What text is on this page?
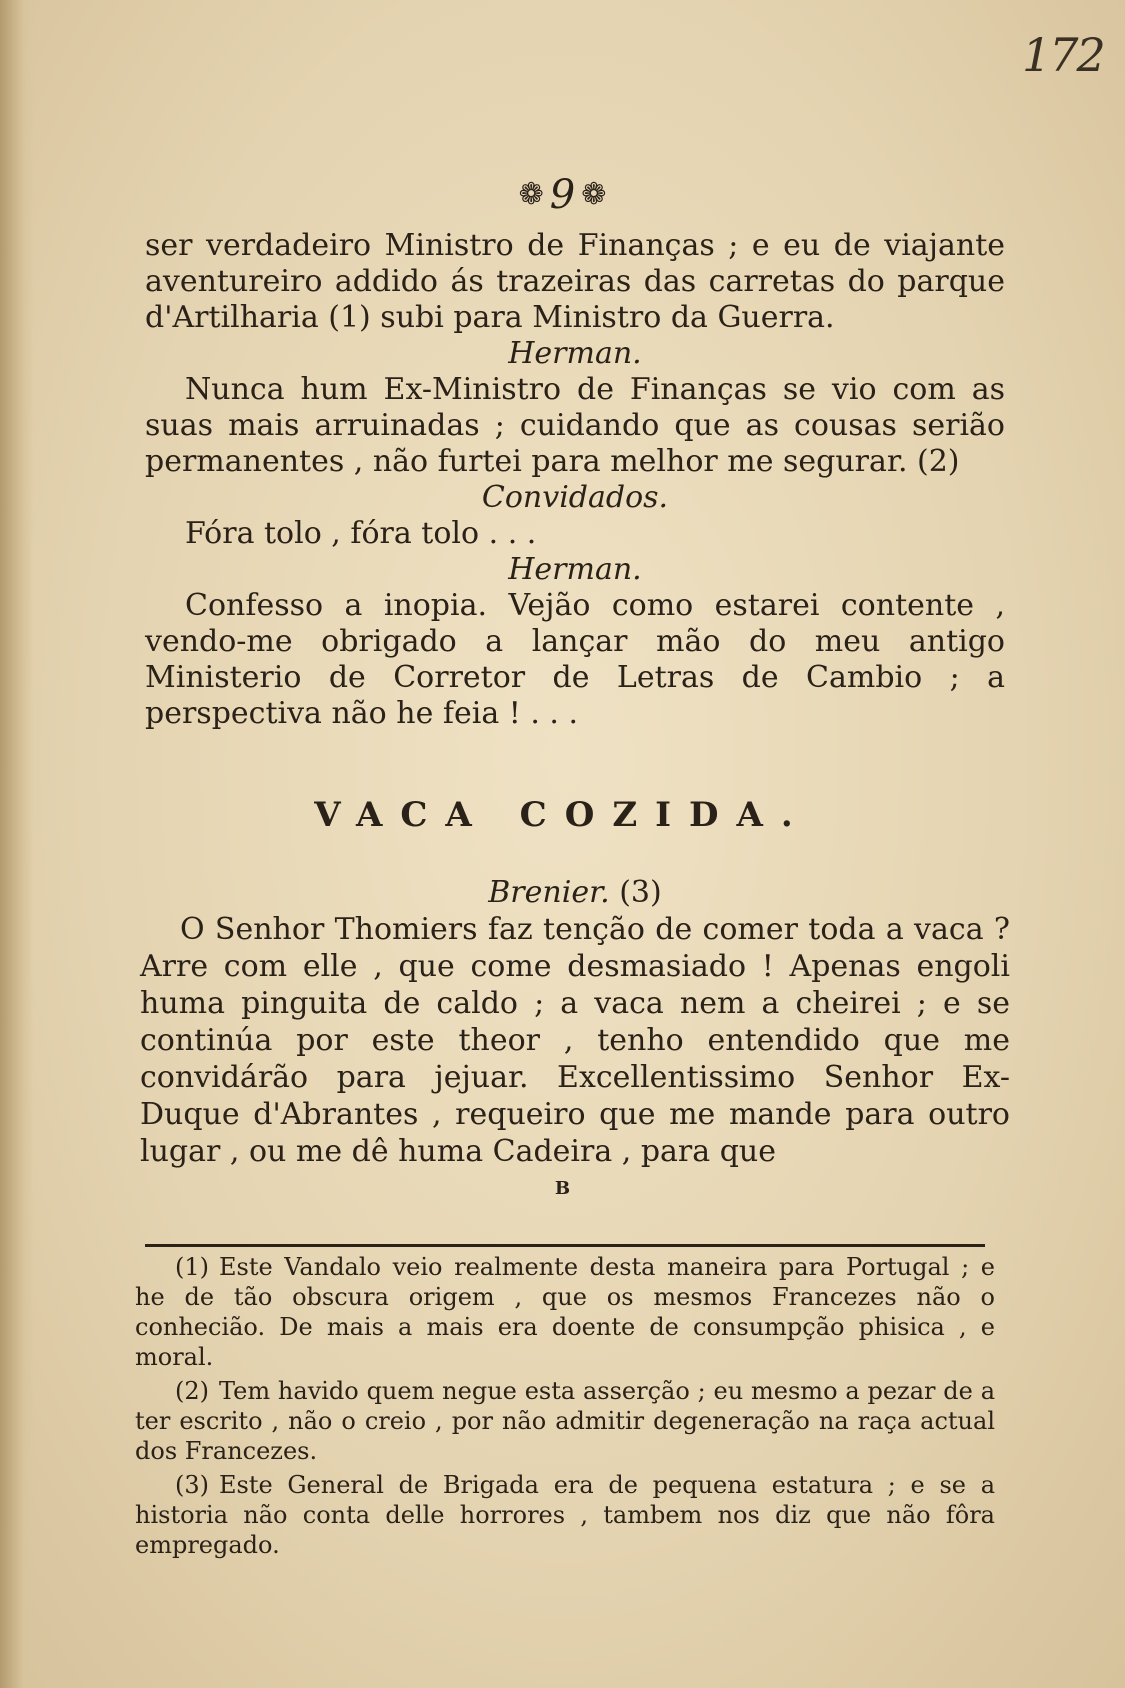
172
❁ 9 ❁

ser verdadeiro Ministro de Finanças ; e eu de viajante aventureiro addido ás trazeiras das carretas do parque d'Artilharia (1) subi para Ministro da Guerra.

Herman.

Nunca hum Ex-Ministro de Finanças se vio com as suas mais arruinadas ; cuidando que as cousas serião permanentes , não furtei para melhor me segurar. (2)

Convidados.

Fóra tolo , fóra tolo . . .

Herman.

Confesso a inopia. Vejão como estarei contente , vendo-me obrigado a lançar mão do meu antigo Ministerio de Corretor de Letras de Cambio ; a perspectiva não he feia ! . . .

VACA COZIDA.
Brenier. (3)

O Senhor Thomiers faz tenção de comer toda a vaca ? Arre com elle , que come desmasiado ! Apenas engoli huma pinguita de caldo ; a vaca nem a cheirei ; e se continúa por este theor , tenho entendido que me convidárão para jejuar. Excellentissimo Senhor Ex-Duque d'Abrantes , requeiro que me mande para outro lugar , ou me dê huma Cadeira , para que

B

(1) Este Vandalo veio realmente desta maneira para Portugal ; e he de tão obscura origem , que os mesmos Francezes não o conhecião. De mais a mais era doente de consumpção phisica , e moral.

(2) Tem havido quem negue esta asserção ; eu mesmo a pezar de a ter escrito , não o creio , por não admitir degeneração na raça actual dos Francezes.

(3) Este General de Brigada era de pequena estatura ; e se a historia não conta delle horrores , tambem nos diz que não fôra empregado.
